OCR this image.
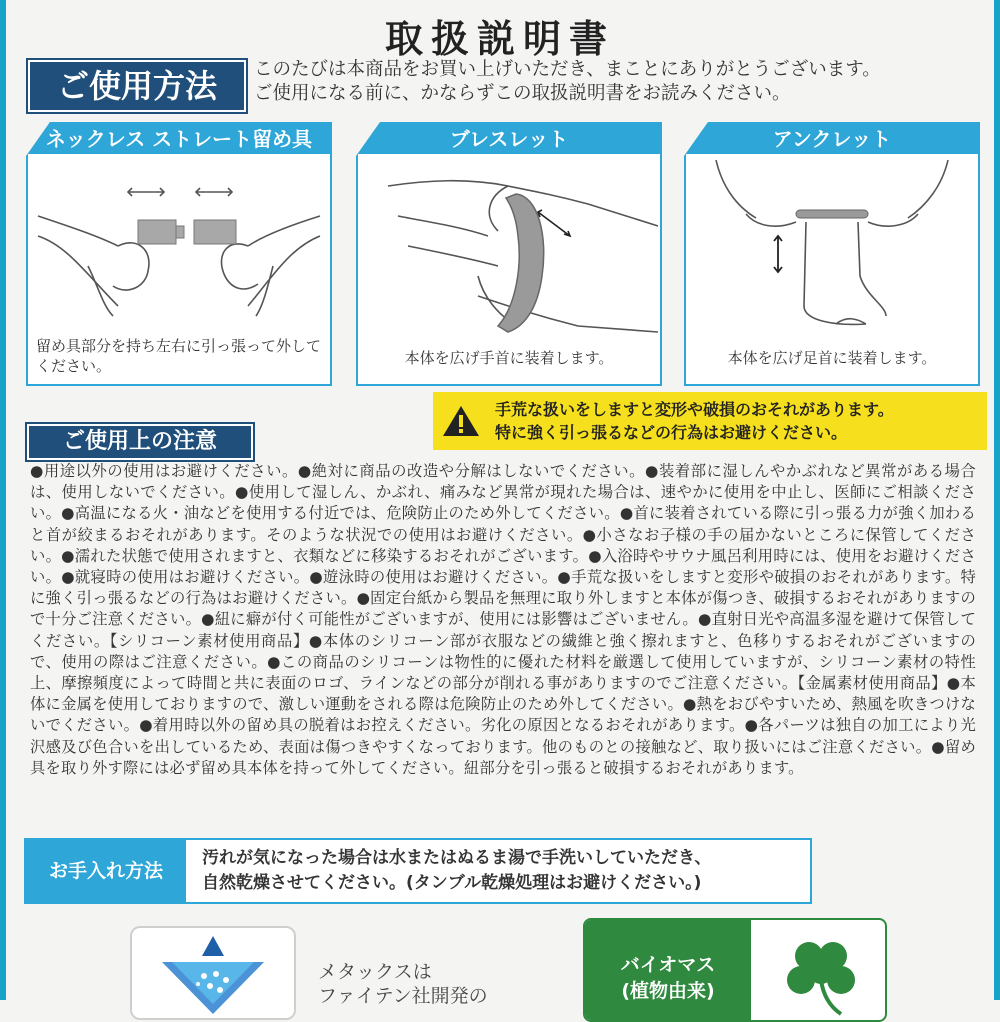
取扱説明書
ご使用方法	このたびは本商品をお買い上げいただき、まことにありがとうございます。
ご使用になる前に、かならずこの取扱説明書をお読みください。
ネックレス ストレート留め具
留め具部分を持ち左右に引っ張って外してください。
ブレスレット
本体を広げ手首に装着します。
アンクレット
本体を広げ足首に装着します。
手荒な扱いをしますと変形や破損のおそれがあります。
特に強く引っ張るなどの行為はお避けください。
ご使用上の注意
●用途以外の使用はお避けください。●絶対に商品の改造や分解はしないでください。●装着部に湿しんやかぶれなど異常がある場合は、使用しないでください。●使用して湿しん、かぶれ、痛みなど異常が現れた場合は、速やかに使用を中止し、医師にご相談ください。●高温になる火・油などを使用する付近では、危険防止のため外してください。●首に装着されている際に引っ張る力が強く加わると首が絞まるおそれがあります。そのような状況での使用はお避けください。●小さなお子様の手の届かないところに保管してください。●濡れた状態で使用されますと、衣類などに移染するおそれがございます。●入浴時やサウナ風呂利用時には、使用をお避けください。●就寝時の使用はお避けください。●遊泳時の使用はお避けください。●手荒な扱いをしますと変形や破損のおそれがあります。特に強く引っ張るなどの行為はお避けください。●固定台紙から製品を無理に取り外しますと本体が傷つき、破損するおそれがありますので十分ご注意ください。●紐に癖が付く可能性がございますが、使用には影響はございません。●直射日光や高温多湿を避けて保管してください。【シリコーン素材使用商品】●本体のシリコーン部が衣服などの繊維と強く擦れますと、色移りするおそれがございますので、使用の際はご注意ください。●この商品のシリコーンは物性的に優れた材料を厳選して使用していますが、シリコーン素材の特性上、摩擦頻度によって時間と共に表面のロゴ、ラインなどの部分が削れる事がありますのでご注意ください。【金属素材使用商品】●本体に金属を使用しておりますので、激しい運動をされる際は危険防止のため外してください。●熱をおびやすいため、熱風を吹きつけないでください。●着用時以外の留め具の脱着はお控えください。劣化の原因となるおそれがあります。●各パーツは独自の加工により光沢感及び色合いを出しているため、表面は傷つきやすくなっております。他のものとの接触など、取り扱いにはご注意ください。●留め具を取り外す際には必ず留め具本体を持って外してください。紐部分を引っ張ると破損するおそれがあります。
お手入れ方法
汚れが気になった場合は水またはぬるま湯で手洗いしていただき、
自然乾燥させてください。(タンブル乾燥処理はお避けください。)
メタックスは
ファイテン社開発の
バイオマス
(植物由来)
